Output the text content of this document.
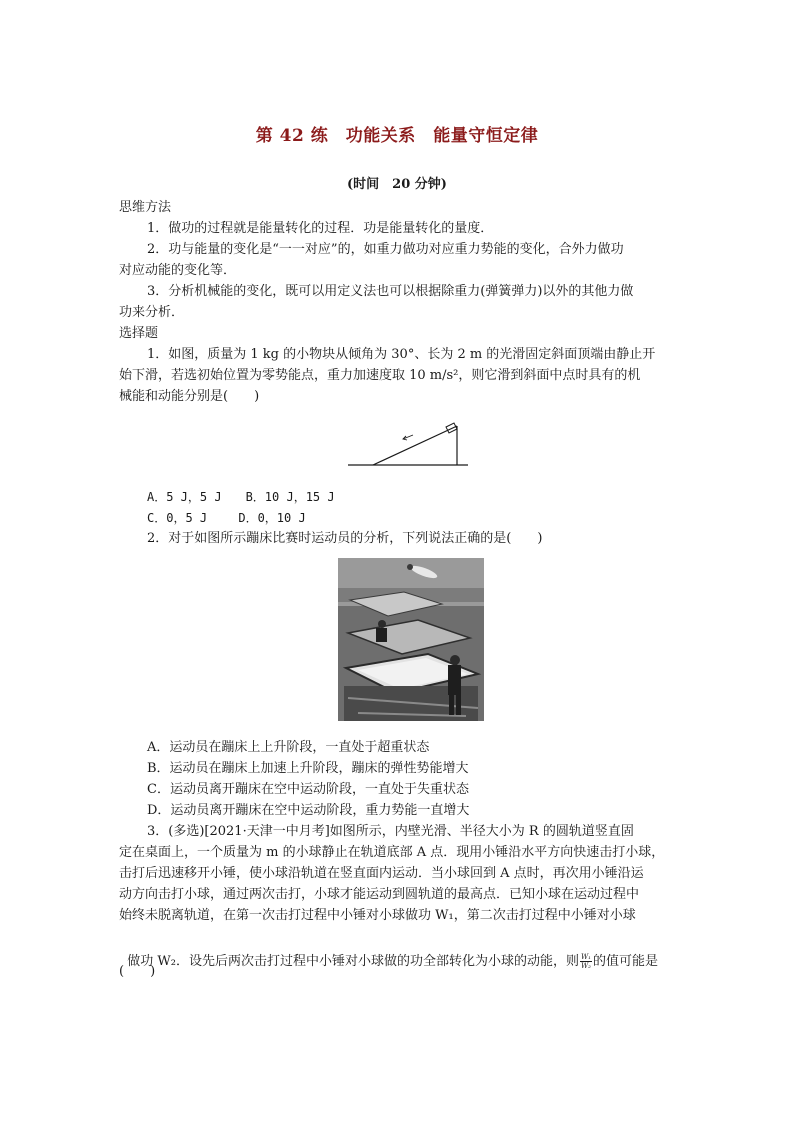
第 42 练　功能关系　能量守恒定律
(时间　20 分钟)
思维方法
1．做功的过程就是能量转化的过程．功是能量转化的量度．
2．功与能量的变化是“一一对应”的，如重力做功对应重力势能的变化，合外力做功
对应动能的变化等．
3．分析机械能的变化，既可以用定义法也可以根据除重力(弹簧弹力)以外的其他力做
功来分析．
选择题
1．如图，质量为 1 kg 的小物块从倾角为 30°、长为 2 m 的光滑固定斜面顶端由静止开
始下滑，若选初始位置为零势能点，重力加速度取 10 m/s²，则它滑到斜面中点时具有的机
械能和动能分别是(　　)
A．5 J，5 J　　B．10 J，15 J
C．0，5 J　　 D．0，10 J
2．对于如图所示蹦床比赛时运动员的分析，下列说法正确的是(　　)
A．运动员在蹦床上上升阶段，一直处于超重状态
B．运动员在蹦床上加速上升阶段，蹦床的弹性势能增大
C．运动员离开蹦床在空中运动阶段，一直处于失重状态
D．运动员离开蹦床在空中运动阶段，重力势能一直增大
3．(多选)[2021·天津一中月考]如图所示，内壁光滑、半径大小为 R 的圆轨道竖直固
定在桌面上，一个质量为 m 的小球静止在轨道底部 A 点．现用小锤沿水平方向快速击打小球，
击打后迅速移开小锤，使小球沿轨道在竖直面内运动．当小球回到 A 点时，再次用小锤沿运
动方向击打小球，通过两次击打，小球才能运动到圆轨道的最高点．已知小球在运动过程中
始终未脱离轨道，在第一次击打过程中小锤对小球做功 W₁，第二次击打过程中小锤对小球

做功 W₂．设先后两次击打过程中小锤对小球做的功全部转化为小球的动能，则 $\frac{\text{W₁}}{\text{W₂}}$ 的值可能是

(　　)
